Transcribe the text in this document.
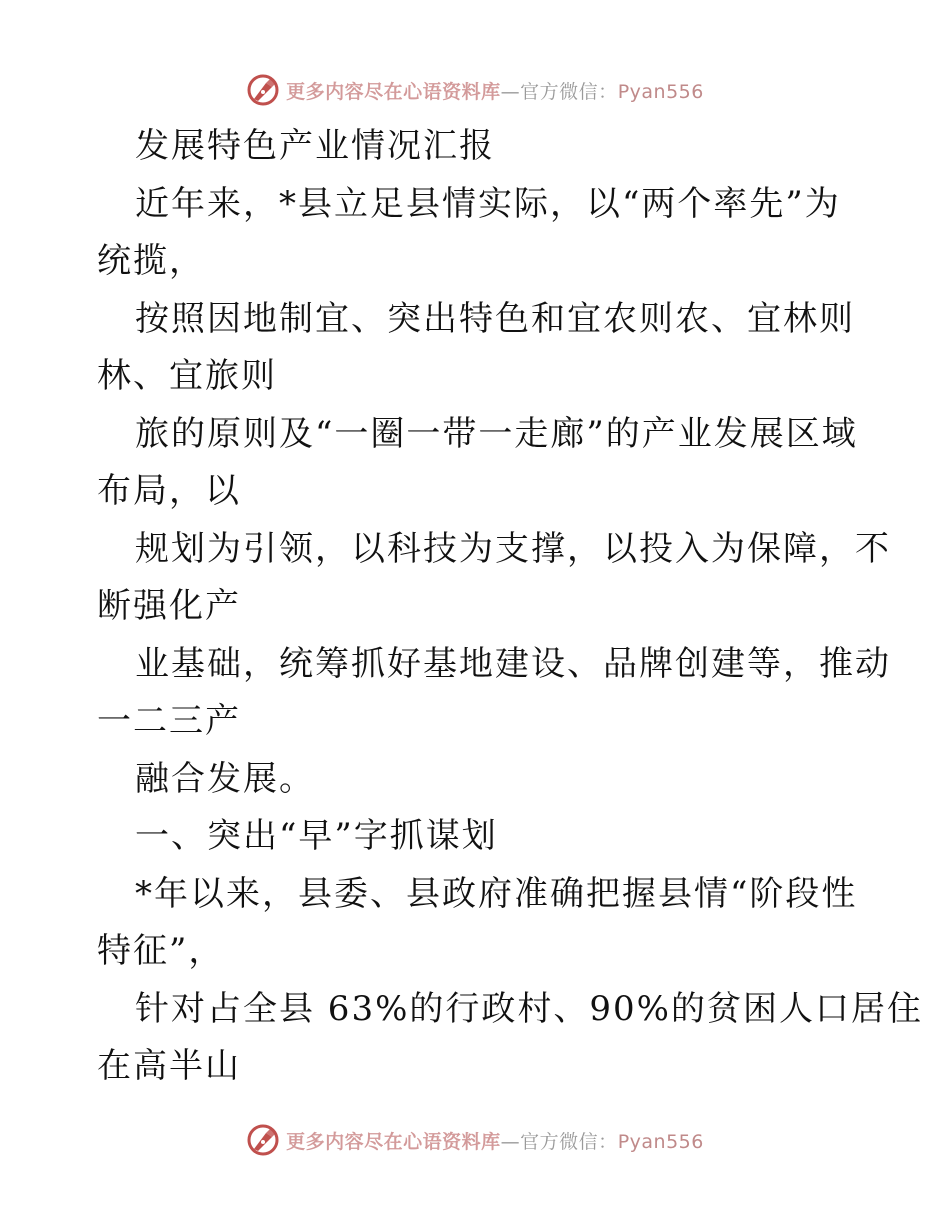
更多内容尽在心语资料库—官方微信：Pyan556
发展特色产业情况汇报
近年来，*县立足县情实际，以“两个率先”为
统揽，
按照因地制宜、突出特色和宜农则农、宜林则
林、宜旅则
旅的原则及“一圈一带一走廊”的产业发展区域
布局，以
规划为引领，以科技为支撑，以投入为保障，不
断强化产
业基础，统筹抓好基地建设、品牌创建等，推动
一二三产
融合发展。
一、突出“早”字抓谋划
*年以来，县委、县政府准确把握县情“阶段性
特征”，
针对占全县 63%的行政村、90%的贫困人口居住
在高半山
更多内容尽在心语资料库—官方微信：Pyan556
